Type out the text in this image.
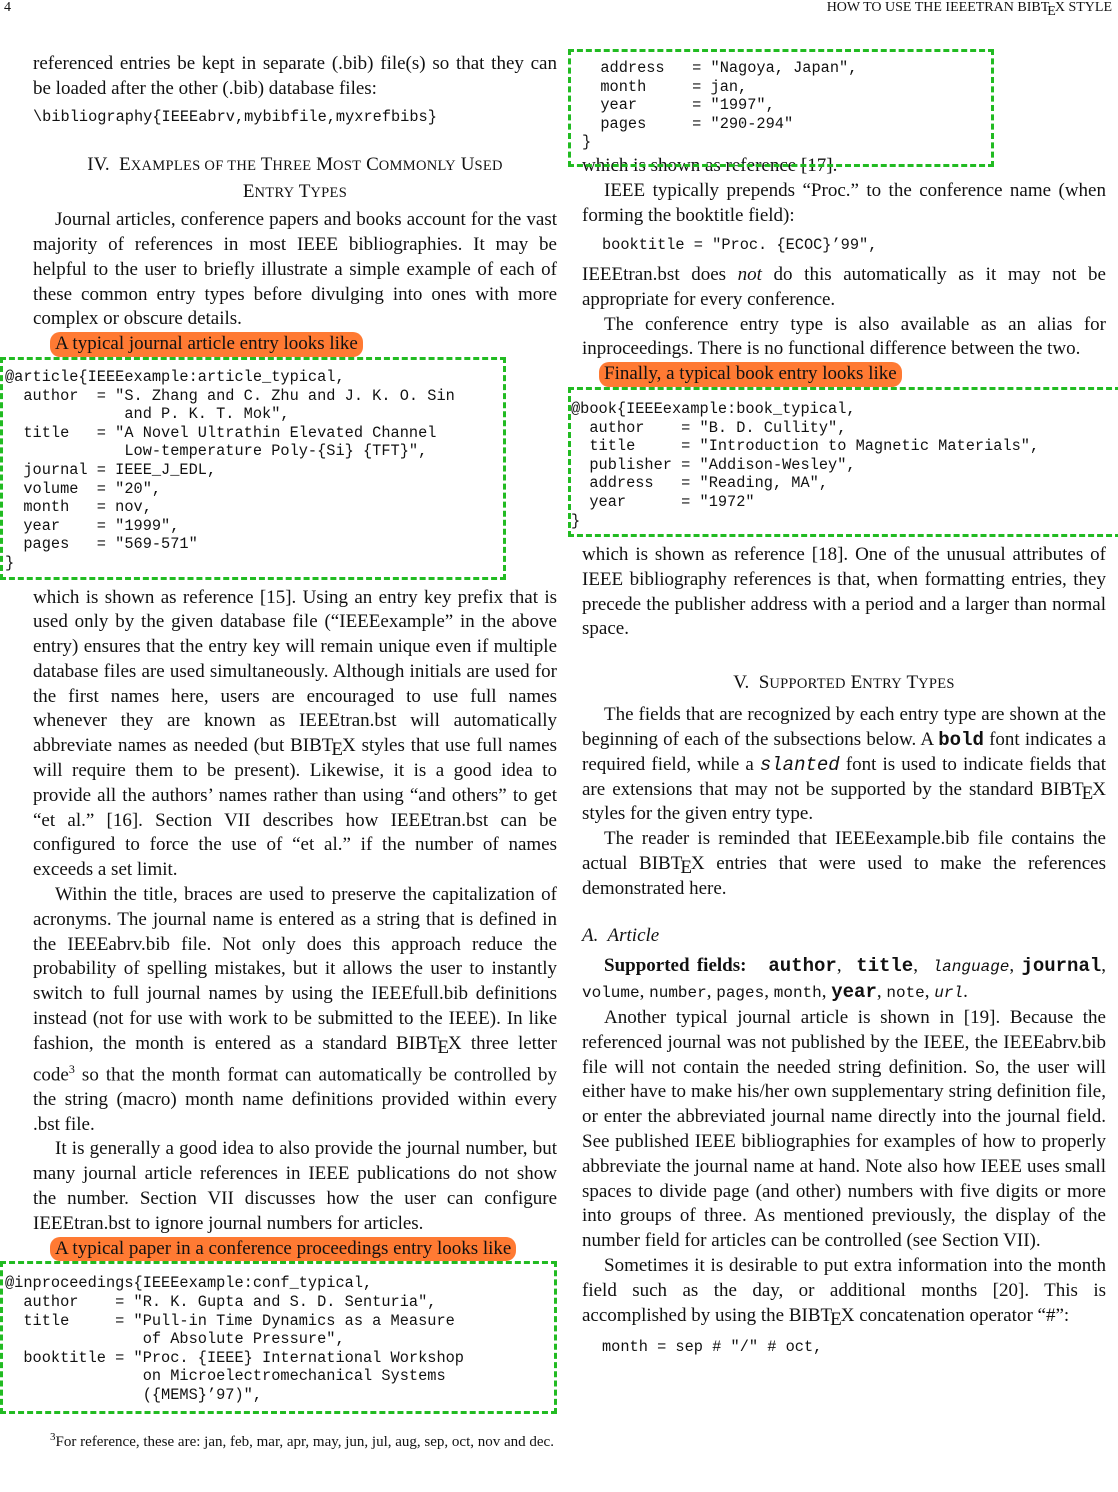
4	HOW TO USE THE IEEETRAN BIBTEX STYLE

referenced entries be kept in separate (.bib) file(s) so that they can be loaded after the other (.bib) database files:

\bibliography{IEEEabrv,mybibfile,myxrefbibs}
IV. EXAMPLES OF THE THREE MOST COMMONLY USED
ENTRY TYPES

Journal articles, conference papers and books account for the vast majority of references in most IEEE bibliographies. It may be helpful to the user to briefly illustrate a simple example of each of these common entry types before divulging into ones with more complex or obscure details.

A typical journal article entry looks like

@article{IEEEexample:article_typical,
author  = "S. Zhang and C. Zhu and J. K. O. Sin
and P. K. T. Mok",
title   = "A Novel Ultrathin Elevated Channel
Low-temperature Poly-{Si} {TFT}",
journal = IEEE_J_EDL,
volume  = "20",
month   = nov,
year    = "1999",
pages   = "569-571"
}

which is shown as reference [15]. Using an entry key prefix that is used only by the given database file (“IEEEexample” in the above entry) ensures that the entry key will remain unique even if multiple database files are used simultaneously. Although initials are used for the first names here, users are encouraged to use full names whenever they are known as IEEEtran.bst will automatically abbreviate names as needed (but BIBTEX styles that use full names will require them to be present). Likewise, it is a good idea to provide all the authors’ names rather than using “and others” to get “et al.” [16]. Section VII describes how IEEEtran.bst can be configured to force the use of “et al.” if the number of names exceeds a set limit.

Within the title, braces are used to preserve the capitalization of acronyms. The journal name is entered as a string that is defined in the IEEEabrv.bib file. Not only does this approach reduce the probability of spelling mistakes, but it allows the user to instantly switch to full journal names by using the IEEEfull.bib definitions instead (not for use with work to be submitted to the IEEE). In like fashion, the month is entered as a standard BIBTEX three letter code$^3$ so that the month format can automatically be controlled by the string (macro) month name definitions provided within every .bst file.

It is generally a good idea to also provide the journal number, but many journal article references in IEEE publications do not show the number. Section VII discusses how the user can configure IEEEtran.bst to ignore journal numbers for articles.

A typical paper in a conference proceedings entry looks like

@inproceedings{IEEEexample:conf_typical,
author    = "R. K. Gupta and S. D. Senturia",
title     = "Pull-in Time Dynamics as a Measure
of Absolute Pressure",
booktitle = "Proc. {IEEE} International Workshop
on Microelectromechanical Systems
({MEMS}’97)",

$^3$For reference, these are: jan, feb, mar, apr, may, jun, jul, aug, sep, oct, nov and dec.

address   = "Nagoya, Japan",
month     = jan,
year      = "1997",
pages     = "290-294"
}

which is shown as reference [17].

IEEE typically prepends “Proc.” to the conference name (when forming the booktitle field):

booktitle = "Proc. {ECOC}’99",

IEEEtran.bst does not do this automatically as it may not be appropriate for every conference.

The conference entry type is also available as an alias for inproceedings. There is no functional difference between the two.

Finally, a typical book entry looks like

@book{IEEEexample:book_typical,
author    = "B. D. Cullity",
title     = "Introduction to Magnetic Materials",
publisher = "Addison-Wesley",
address   = "Reading, MA",
year      = "1972"
}

which is shown as reference [18]. One of the unusual attributes of IEEE bibliography references is that, when formatting entries, they precede the publisher address with a period and a larger than normal space.

V. SUPPORTED ENTRY TYPES

The fields that are recognized by each entry type are shown at the beginning of each of the subsections below. A bold font indicates a required field, while a slanted font is used to indicate fields that are extensions that may not be supported by the standard BIBTEX styles for the given entry type.

The reader is reminded that IEEEexample.bib file contains the actual BIBTEX entries that were used to make the references demonstrated here.

A. Article

Supported fields: author,  title,  language, journal, volume, number, pages, month, year, note, url.

Another typical journal article is shown in [19]. Because the referenced journal was not published by the IEEE, the IEEEabrv.bib file will not contain the needed string definition. So, the user will either have to make his/her own supplementary string definition file, or enter the abbreviated journal name directly into the journal field. See published IEEE bibliographies for examples of how to properly abbreviate the journal name at hand. Note also how IEEE uses small spaces to divide page (and other) numbers with five digits or more into groups of three. As mentioned previously, the display of the number field for articles can be controlled (see Section VII).

Sometimes it is desirable to put extra information into the month field such as the day, or additional months [20]. This is accomplished by using the BIBTEX concatenation operator “#”:

month = sep # "/" # oct,
